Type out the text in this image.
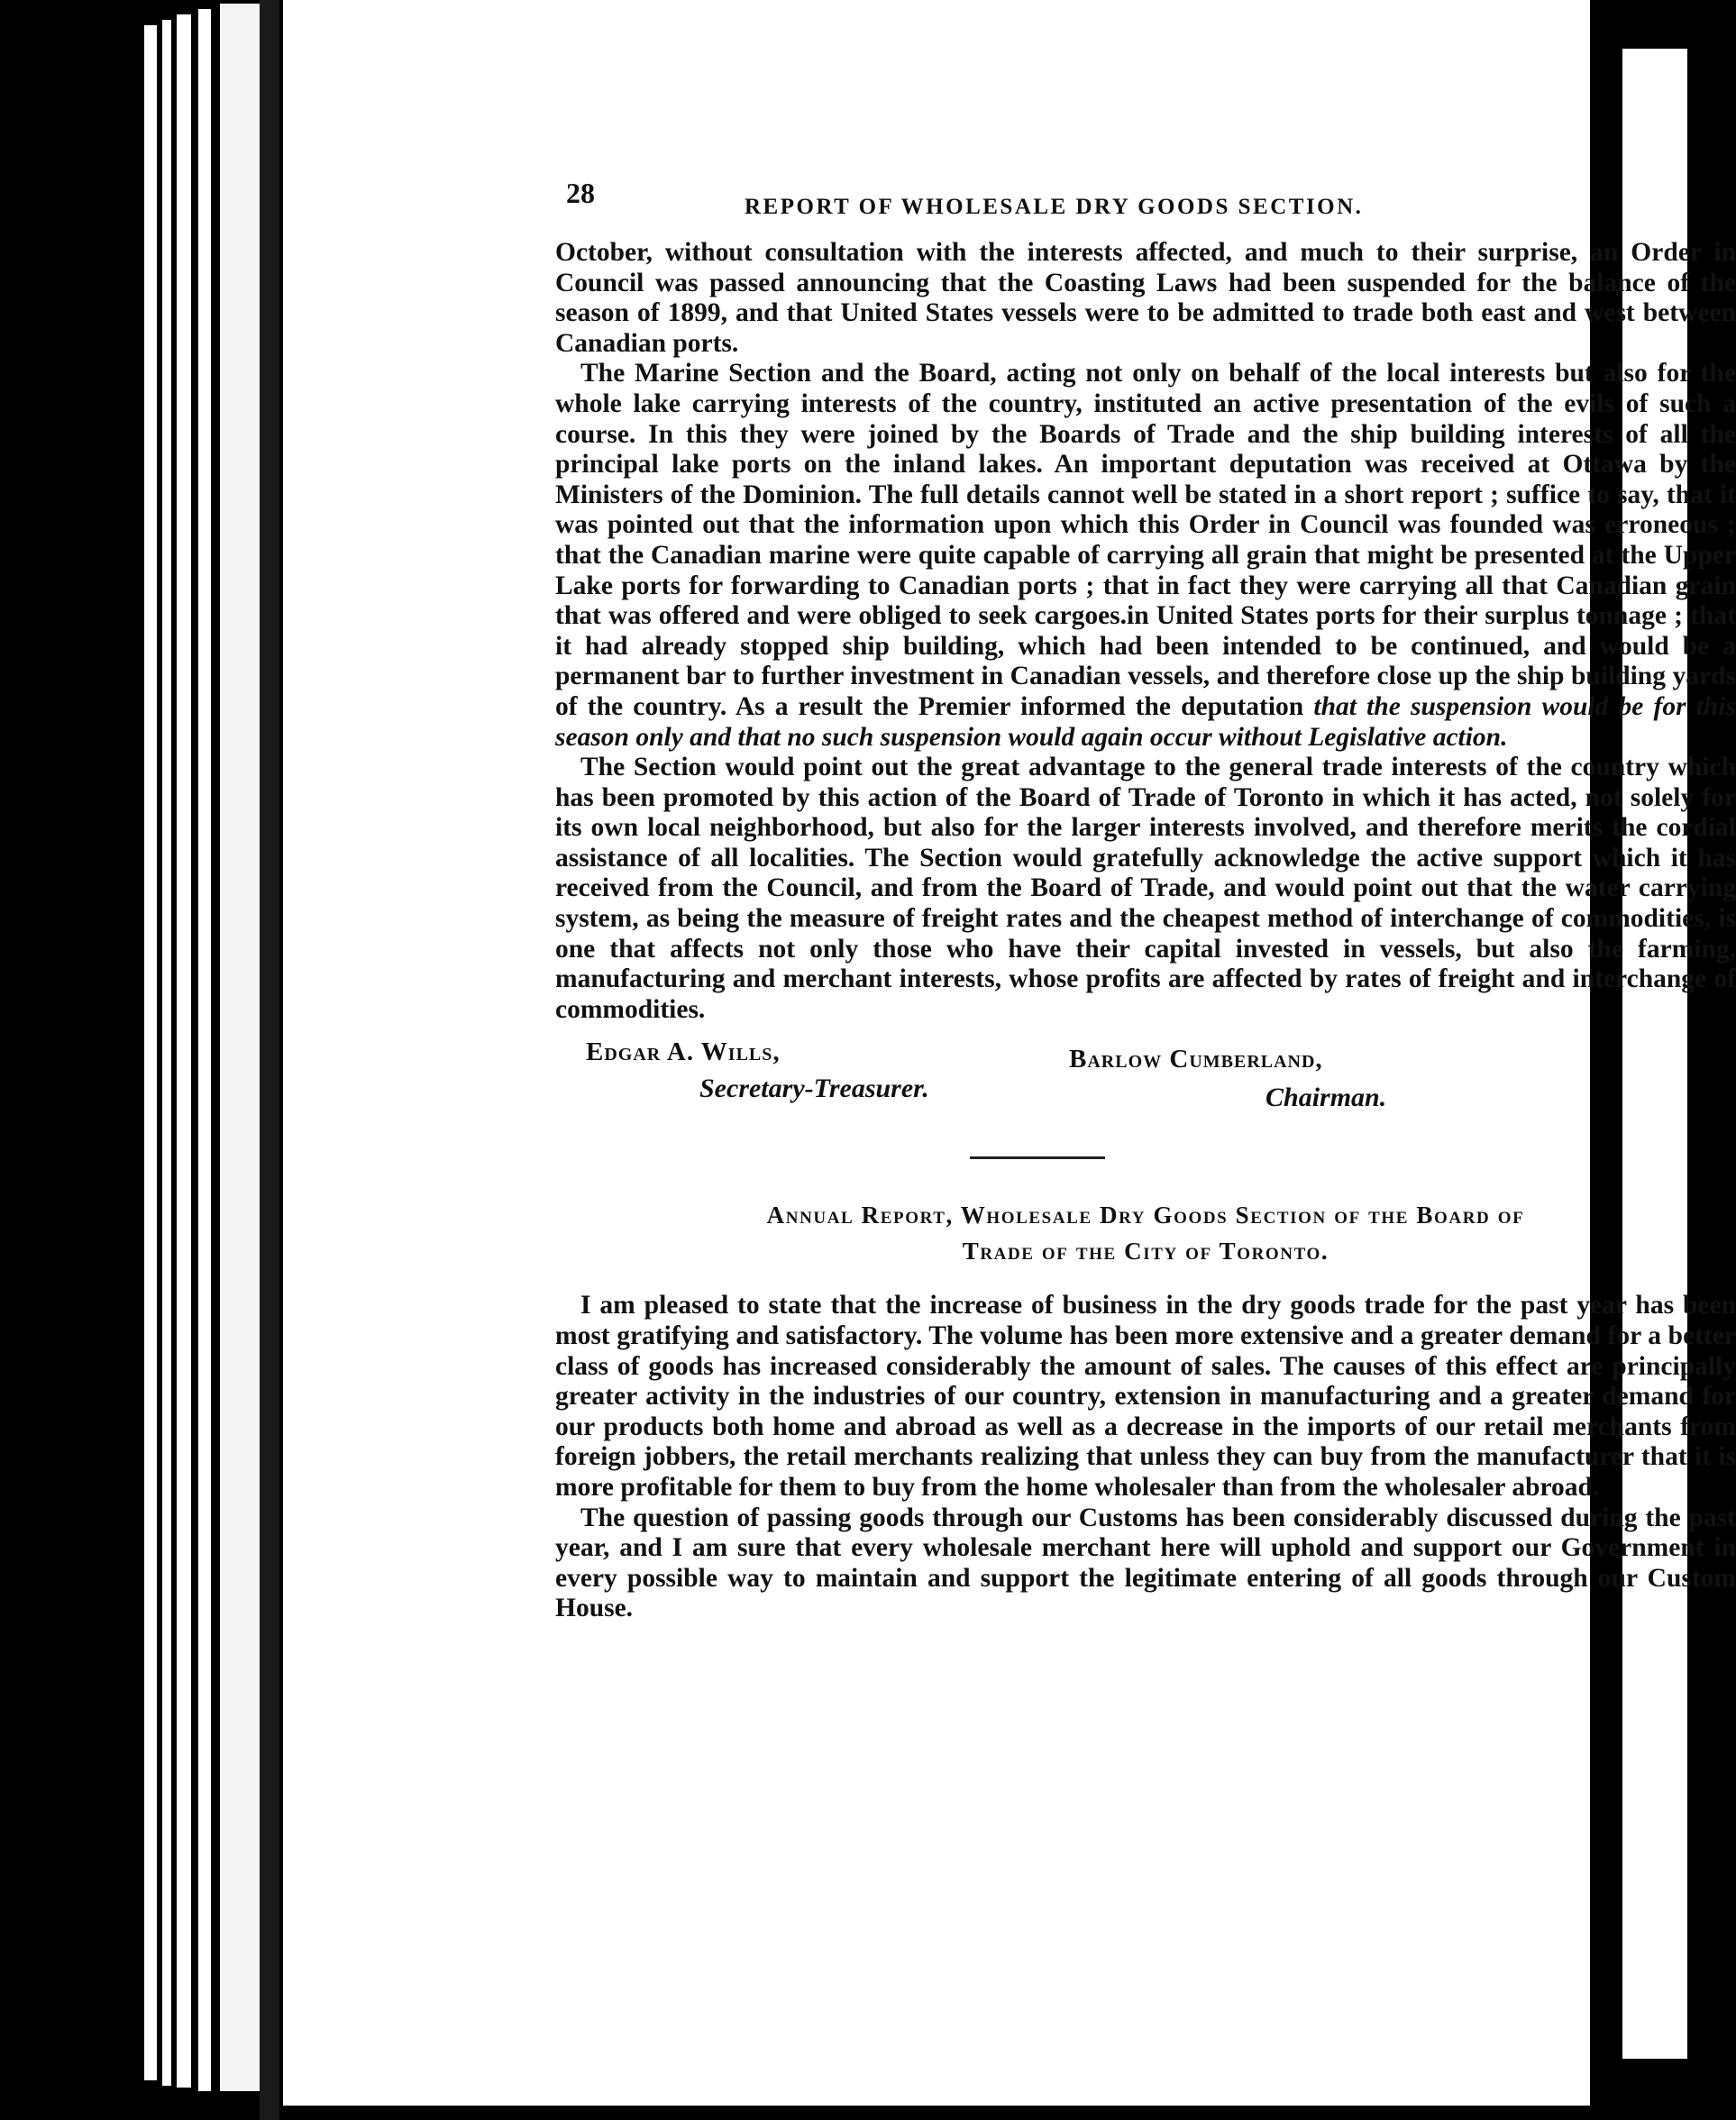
28	REPORT OF WHOLESALE DRY GOODS SECTION.

October, without consultation with the interests affected, and much to their surprise, an Order in Council was passed announcing that the Coasting Laws had been suspended for the balance of the season of 1899, and that United States vessels were to be admitted to trade both east and west between Canadian ports.

The Marine Section and the Board, acting not only on behalf of the local interests but also for the whole lake carrying interests of the country, instituted an active presentation of the evils of such a course. In this they were joined by the Boards of Trade and the ship building interests of all the principal lake ports on the inland lakes. An important deputation was received at Ottawa by the Ministers of the Dominion. The full details cannot well be stated in a short report ; suffice to say, that it was pointed out that the information upon which this Order in Council was founded was erroneous ; that the Canadian marine were quite capable of carrying all grain that might be presented at the Upper Lake ports for forwarding to Canadian ports ; that in fact they were carrying all that Canadian grain that was offered and were obliged to seek cargoes.in United States ports for their surplus tonnage ; that it had already stopped ship building, which had been intended to be continued, and would be a permanent bar to further investment in Canadian vessels, and therefore close up the ship building yards of the country. As a result the Premier informed the deputation that the suspension would be for this season only and that no such suspension would again occur without Legislative action.

The Section would point out the great advantage to the general trade interests of the country which has been promoted by this action of the Board of Trade of Toronto in which it has acted, not solely for its own local neighborhood, but also for the larger interests involved, and therefore merits the cordial assistance of all localities. The Section would gratefully acknowledge the active support which it has received from the Council, and from the Board of Trade, and would point out that the water carrying system, as being the measure of freight rates and the cheapest method of interchange of commodities, is one that affects not only those who have their capital invested in vessels, but also the farming, manufacturing and merchant interests, whose profits are affected by rates of freight and interchange of commodities.

Edgar A. Wills,
Secretary-Treasurer.
Barlow Cumberland,
Chairman.
Annual Report, Wholesale Dry Goods Section of the Board of
Trade of the City of Toronto.

I am pleased to state that the increase of business in the dry goods trade for the past year has been most gratifying and satisfactory. The volume has been more extensive and a greater demand for a better class of goods has increased considerably the amount of sales. The causes of this effect are principally greater activity in the industries of our country, extension in manufacturing and a greater demand for our products both home and abroad as well as a decrease in the imports of our retail merchants from foreign jobbers, the retail merchants realizing that unless they can buy from the manufacturer that it is more profitable for them to buy from the home wholesaler than from the wholesaler abroad.

The question of passing goods through our Customs has been considerably discussed during the past year, and I am sure that every wholesale merchant here will uphold and support our Government in every possible way to maintain and support the legitimate entering of all goods through our Custom House.
